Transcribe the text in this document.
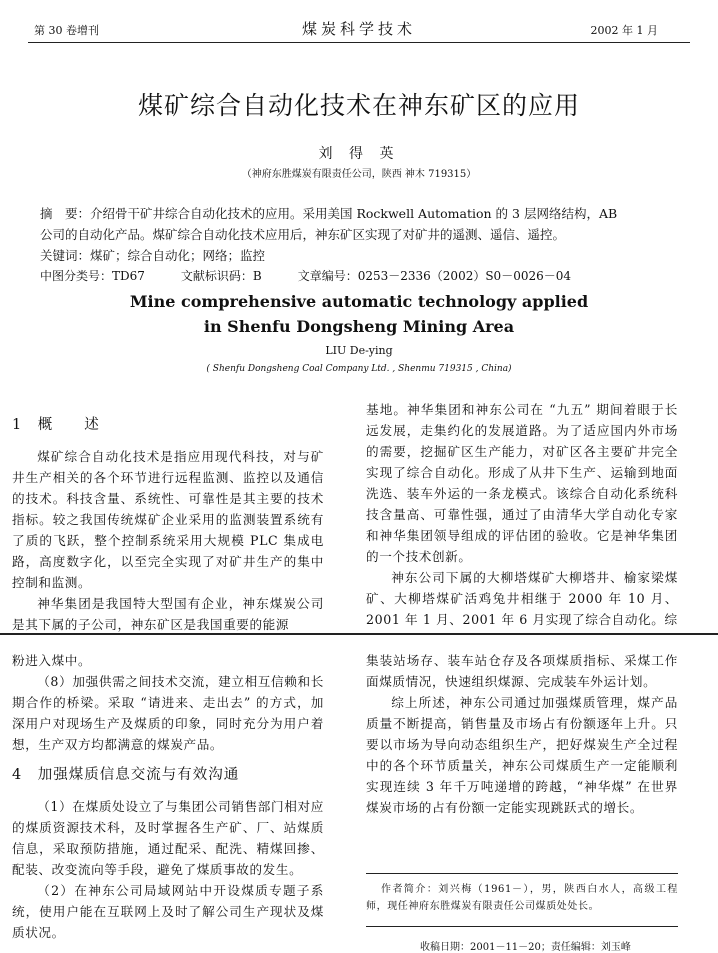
第 30 卷增刊	煤炭科学技术	2002 年 1 月
煤矿综合自动化技术在神东矿区的应用
刘 得 英
（神府东胜煤炭有限责任公司，陕西 神木 719315）
摘　要：介绍骨干矿井综合自动化技术的应用。采用美国 Rockwell Automation 的 3 层网络结构，AB
公司的自动化产品。煤矿综合自动化技术应用后，神东矿区实现了对矿井的遥测、遥信、遥控。
关键词：煤矿；综合自动化；网络；监控
中图分类号：TD67　　　文献标识码：B　　　文章编号：0253－2336（2002）S0－0026－04
Mine comprehensive automatic technology applied
in Shenfu Dongsheng Mining Area
LIU De-ying
( Shenfu Dongsheng Coal Company Ltd. , Shenmu 719315 , China)

1　概　　述

煤矿综合自动化技术是指应用现代科技，对与矿井生产相关的各个环节进行远程监测、监控以及通信的技术。科技含量、系统性、可靠性是其主要的技术指标。较之我国传统煤矿企业采用的监测装置系统有了质的飞跃，整个控制系统采用大规模 PLC 集成电路，高度数字化，以至完全实现了对矿井生产的集中控制和监测。

神华集团是我国特大型国有企业，神东煤炭公司是其下属的子公司，神东矿区是我国重要的能源

基地。神华集团和神东公司在 “九五” 期间着眼于长远发展，走集约化的发展道路。为了适应国内外市场的需要，挖掘矿区生产能力，对矿区各主要矿井完全实现了综合自动化。形成了从井下生产、运输到地面洗选、装车外运的一条龙模式。该综合自动化系统科技含量高、可靠性强，通过了由清华大学自动化专家和神华集团领导组成的评估团的验收。它是神华集团的一个技术创新。

神东公司下属的大柳塔煤矿大柳塔井、榆家梁煤矿、大柳塔煤矿活鸡兔井相继于 2000 年 10 月、2001 年 1 月、2001 年 6 月实现了综合自动化。综

粉进入煤中。

（8）加强供需之间技术交流，建立相互信赖和长期合作的桥梁。采取 “请进来、走出去” 的方式，加深用户对现场生产及煤质的印象，同时充分为用户着想，生产双方均都满意的煤炭产品。

4　加强煤质信息交流与有效沟通

（1）在煤质处设立了与集团公司销售部门相对应的煤质资源技术科，及时掌握各生产矿、厂、站煤质信息，采取预防措施，通过配采、配洗、精煤回掺、配装、改变流向等手段，避免了煤质事故的发生。

（2）在神东公司局域网站中开设煤质专题子系统，使用户能在互联网上及时了解公司生产现状及煤质状况。

集装站场存、装车站仓存及各项煤质指标、采煤工作面煤质情况，快速组织煤源、完成装车外运计划。

综上所述，神东公司通过加强煤质管理，煤产品质量不断提高，销售量及市场占有份额逐年上升。只要以市场为导向动态组织生产，把好煤炭生产全过程中的各个环节质量关，神东公司煤质生产一定能顺利实现连续 3 年千万吨递增的跨越，“神华煤” 在世界煤炭市场的占有份额一定能实现跳跃式的增长。

作者简介：刘兴梅（1961－），男，陕西白水人，高级工程师，现任神府东胜煤炭有限责任公司煤质处处长。
收稿日期：2001－11－20；责任编辑：刘玉峰
